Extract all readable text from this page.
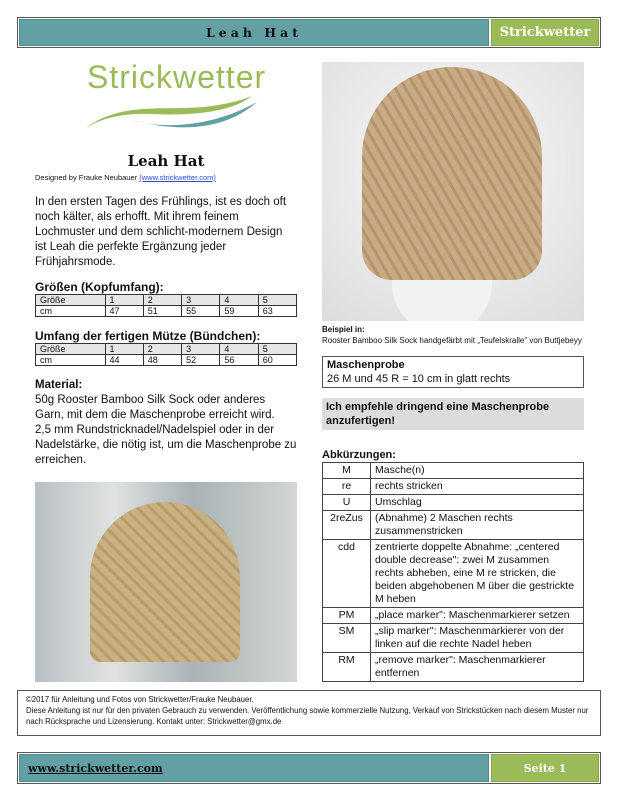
Leah Hat	Strickwetter
Strickwetter
Leah Hat
Designed by Frauke Neubauer (www.strickwetter.com)
In den ersten Tagen des Frühlings, ist es doch oft noch kälter, als erhofft. Mit ihrem feinem Lochmuster und dem schlicht-modernem Design ist Leah die perfekte Ergänzung jeder Frühjahrsmode.
Größen (Kopfumfang):
Größe	1	2	3	4	5
cm	47	51	55	59	63
Umfang der fertigen Mütze (Bündchen):
Größe	1	2	3	4	5
cm	44	48	52	56	60
Material:
50g Rooster Bamboo Silk Sock oder anderes Garn, mit dem die Maschenprobe erreicht wird.
2,5 mm Rundstricknadel/Nadelspiel oder in der Nadelstärke, die nötig ist, um die Maschenprobe zu erreichen.
Beispiel in:
Rooster Bamboo Silk Sock handgefärbt mit „Teufelskralle" von Buttjebeyy
Maschenprobe
26 M und 45 R = 10 cm in glatt rechts
Ich empfehle dringend eine Maschenprobe anzufertigen!
Abkürzungen:
M	Masche(n)
re	rechts stricken
U	Umschlag
2reZus	(Abnahme) 2 Maschen rechts zusammenstricken
cdd	zentrierte doppelte Abnahme: „centered double decrease": zwei M zusammen rechts abheben, eine M re stricken, die beiden abgehobenen M über die gestrickte M heben
PM	„place marker": Maschenmarkierer setzen
SM	„slip marker": Maschenmarkierer von der linken auf die rechte Nadel heben
RM	„remove marker": Maschenmarkierer entfernen
©2017 für Anleitung und Fotos von Strickwetter/Frauke Neubauer.
Diese Anleitung ist nur für den privaten Gebrauch zu verwenden. Veröffentlichung sowie kommerzielle Nutzung, Verkauf von Strickstücken nach diesem Muster nur nach Rücksprache und Lizensierung. Kontakt unter: Strickwetter@gmx.de
www.strickwetter.com	Seite 1
